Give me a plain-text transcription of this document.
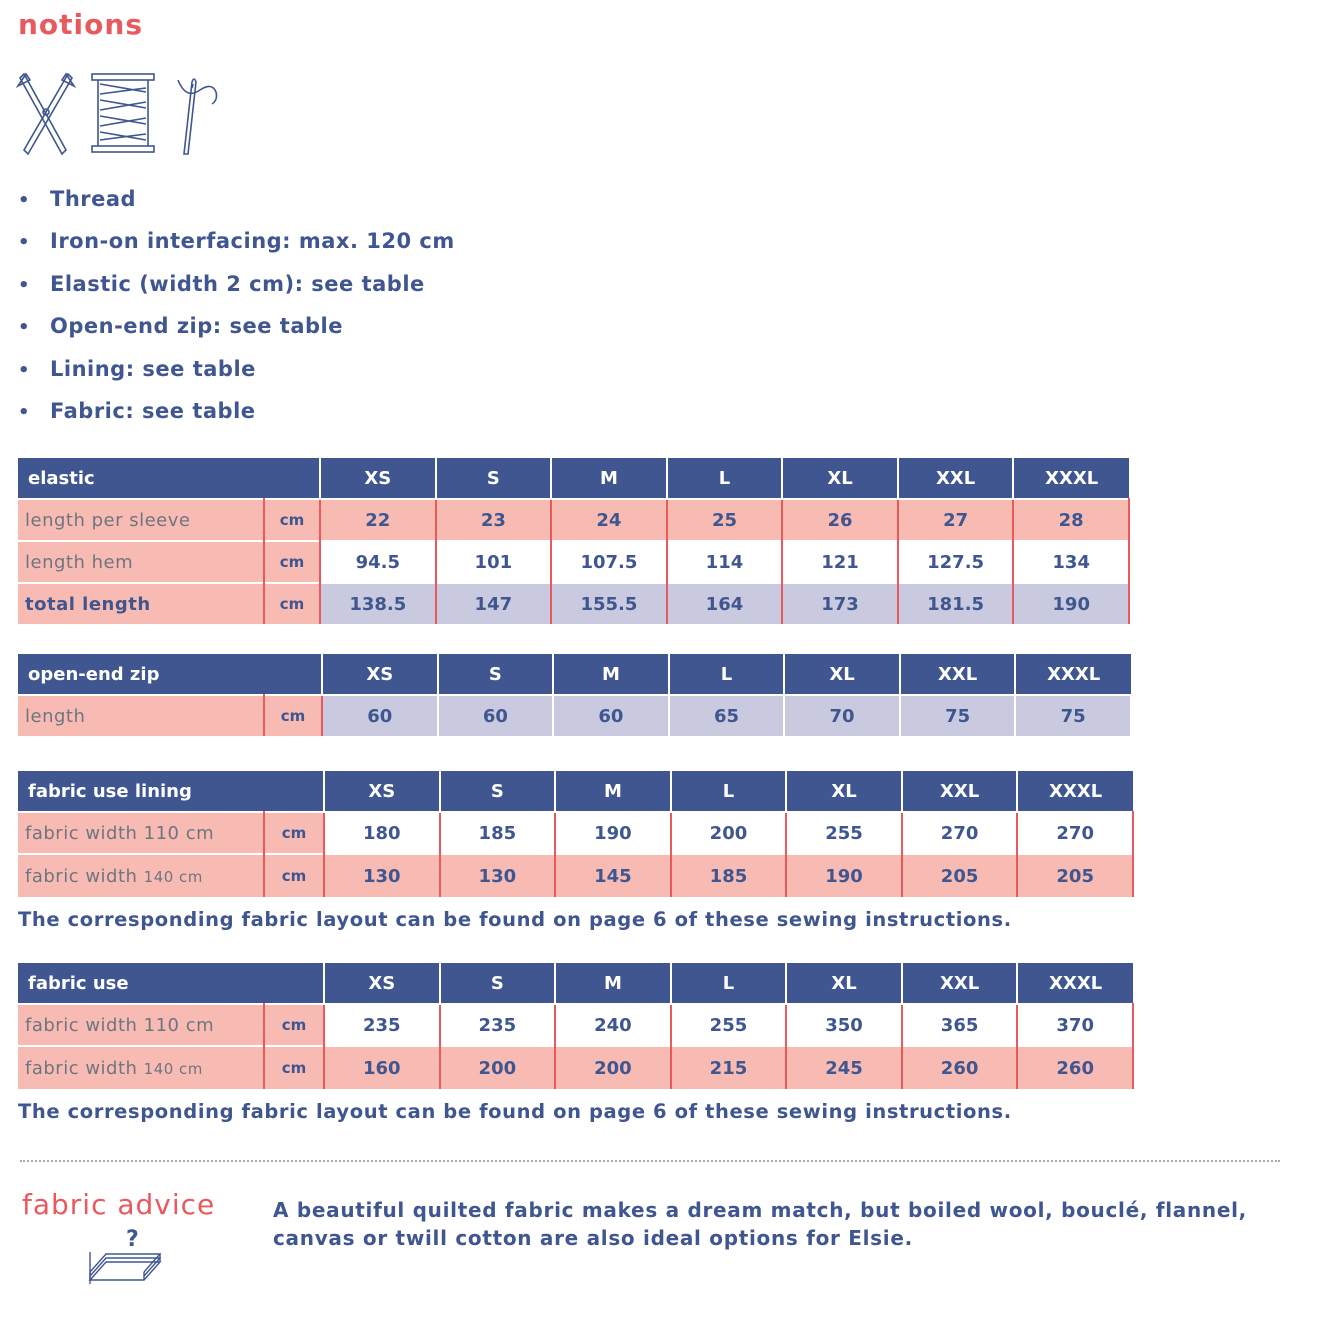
notions
• Thread
• Iron-on interfacing: max. 120 cm
• Elastic (width 2 cm): see table
• Open-end zip: see table
• Lining: see table
• Fabric: see table
elastic		XS	S	M	L	XL	XXL	XXXL
length per sleeve	cm	22	23	24	25	26	27	28
length hem	cm	94.5	101	107.5	114	121	127.5	134
total length	cm	138.5	147	155.5	164	173	181.5	190
open-end zip		XS	S	M	L	XL	XXL	XXXL
length	cm	60	60	60	65	70	75	75
fabric use lining		XS	S	M	L	XL	XXL	XXXL
fabric width 110 cm	cm	180	185	190	200	255	270	270
fabric width 140 cm	cm	130	130	145	185	190	205	205
The corresponding fabric layout can be found on page 6 of these sewing instructions.
fabric use		XS	S	M	L	XL	XXL	XXXL
fabric width 110 cm	cm	235	235	240	255	350	365	370
fabric width 140 cm	cm	160	200	200	215	245	260	260
The corresponding fabric layout can be found on page 6 of these sewing instructions.
fabric advice
?
A beautiful quilted fabric makes a dream match, but boiled wool, bouclé, flannel, canvas or twill cotton are also ideal options for Elsie.
